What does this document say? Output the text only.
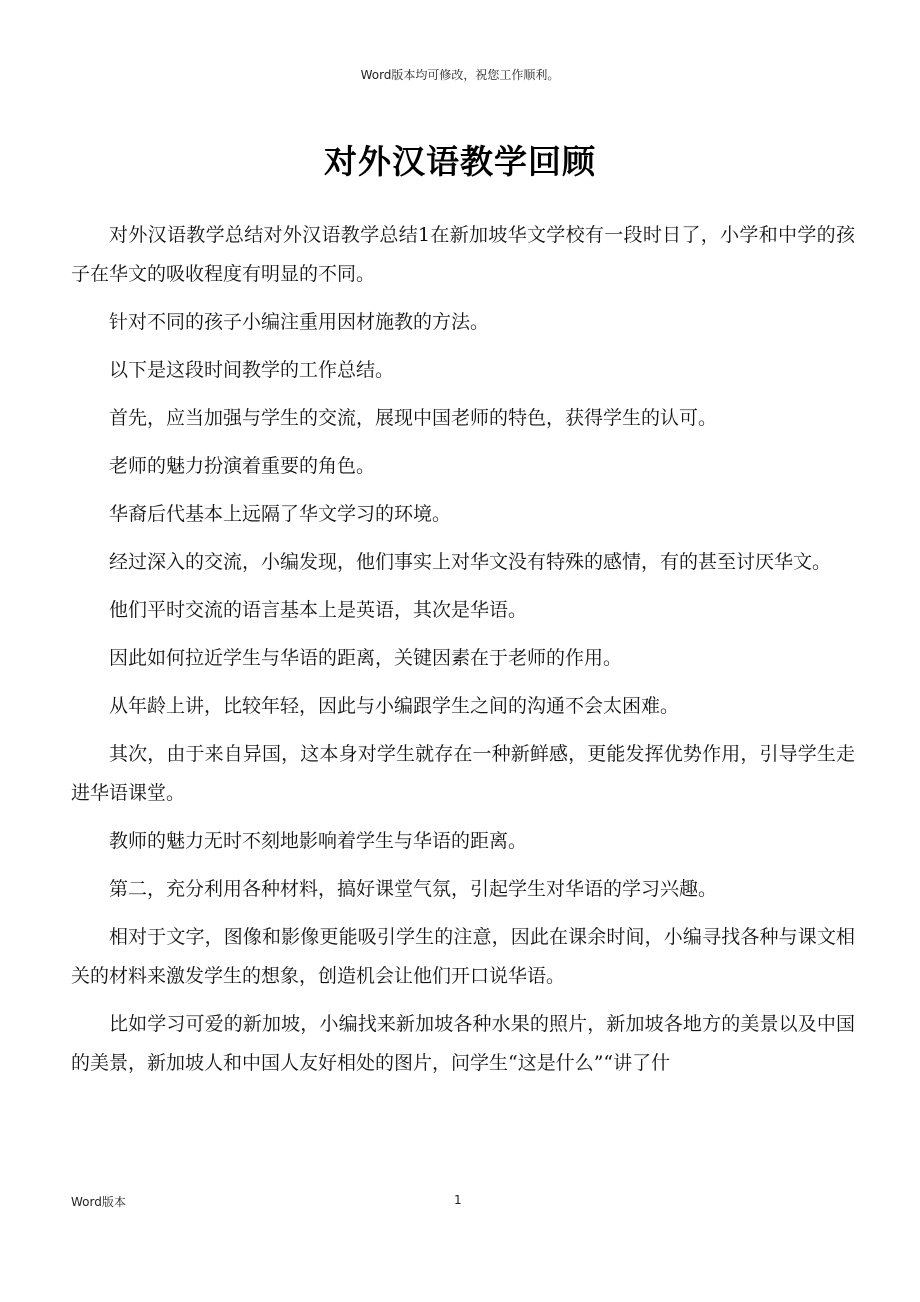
Word版本均可修改，祝您工作顺利。
对外汉语教学回顾

对外汉语教学总结对外汉语教学总结1在新加坡华文学校有一段时日了，小学和中学的孩子在华文的吸收程度有明显的不同。

针对不同的孩子小编注重用因材施教的方法。

以下是这段时间教学的工作总结。

首先，应当加强与学生的交流，展现中国老师的特色，获得学生的认可。

老师的魅力扮演着重要的角色。

华裔后代基本上远隔了华文学习的环境。

经过深入的交流，小编发现，他们事实上对华文没有特殊的感情，有的甚至讨厌华文。

他们平时交流的语言基本上是英语，其次是华语。

因此如何拉近学生与华语的距离，关键因素在于老师的作用。

从年龄上讲，比较年轻，因此与小编跟学生之间的沟通不会太困难。

其次，由于来自异国，这本身对学生就存在一种新鲜感，更能发挥优势作用，引导学生走进华语课堂。

教师的魅力无时不刻地影响着学生与华语的距离。

第二，充分利用各种材料，搞好课堂气氛，引起学生对华语的学习兴趣。

相对于文字，图像和影像更能吸引学生的注意，因此在课余时间，小编寻找各种与课文相关的材料来激发学生的想象，创造机会让他们开口说华语。

比如学习可爱的新加坡，小编找来新加坡各种水果的照片，新加坡各地方的美景以及中国的美景，新加坡人和中国人友好相处的图片，问学生“这是什么”“讲了什

Word版本	1
